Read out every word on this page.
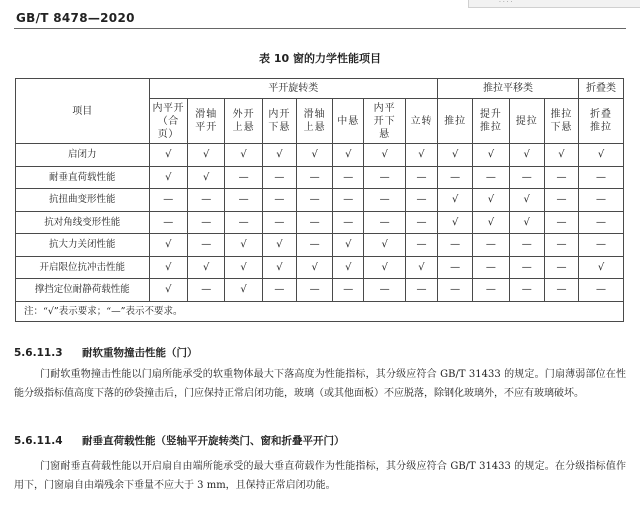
· · · ·
GB/T 8478—2020
表 10 窗的力学性能项目
项目	平开旋转类								推拉平移类				折叠类
	内平开（合页）	滑轴平开	外开上悬	内开下悬	滑轴上悬	中悬	内平开下悬	立转	推拉	提升推拉	提拉	推拉下悬	折叠推拉
启闭力	√	√	√	√	√	√	√	√	√	√	√	√	√
耐垂直荷载性能	√	√	—	—	—	—	—	—	—	—	—	—	—
抗扭曲变形性能	—	—	—	—	—	—	—	—	√	√	√	—	—
抗对角线变形性能	—	—	—	—	—	—	—	—	√	√	√	—	—
抗大力关闭性能	√	—	√	√	—	√	√	—	—	—	—	—	—
开启限位抗冲击性能	√	√	√	√	√	√	√	√	—	—	—	—	√
撑挡定位耐静荷载性能	√	—	√	—	—	—	—	—	—	—	—	—	—
注：“√”表示要求；“—”表示不要求。													
5.6.11.3 耐软重物撞击性能（门）

门耐软重物撞击性能以门扇所能承受的软重物体最大下落高度为性能指标，其分级应符合 GB/T 31433 的规定。门扇薄弱部位在性能分级指标值高度下落的砂袋撞击后，门应保持正常启闭功能，玻璃（或其他面板）不应脱落，除钢化玻璃外，不应有玻璃破坏。

5.6.11.4 耐垂直荷载性能（竖轴平开旋转类门、窗和折叠平开门）

门窗耐垂直荷载性能以开启扇自由端所能承受的最大垂直荷载作为性能指标，其分级应符合 GB/T 31433 的规定。在分级指标值作用下，门窗扇自由端残余下垂量不应大于 3 mm，且保持正常启闭功能。
